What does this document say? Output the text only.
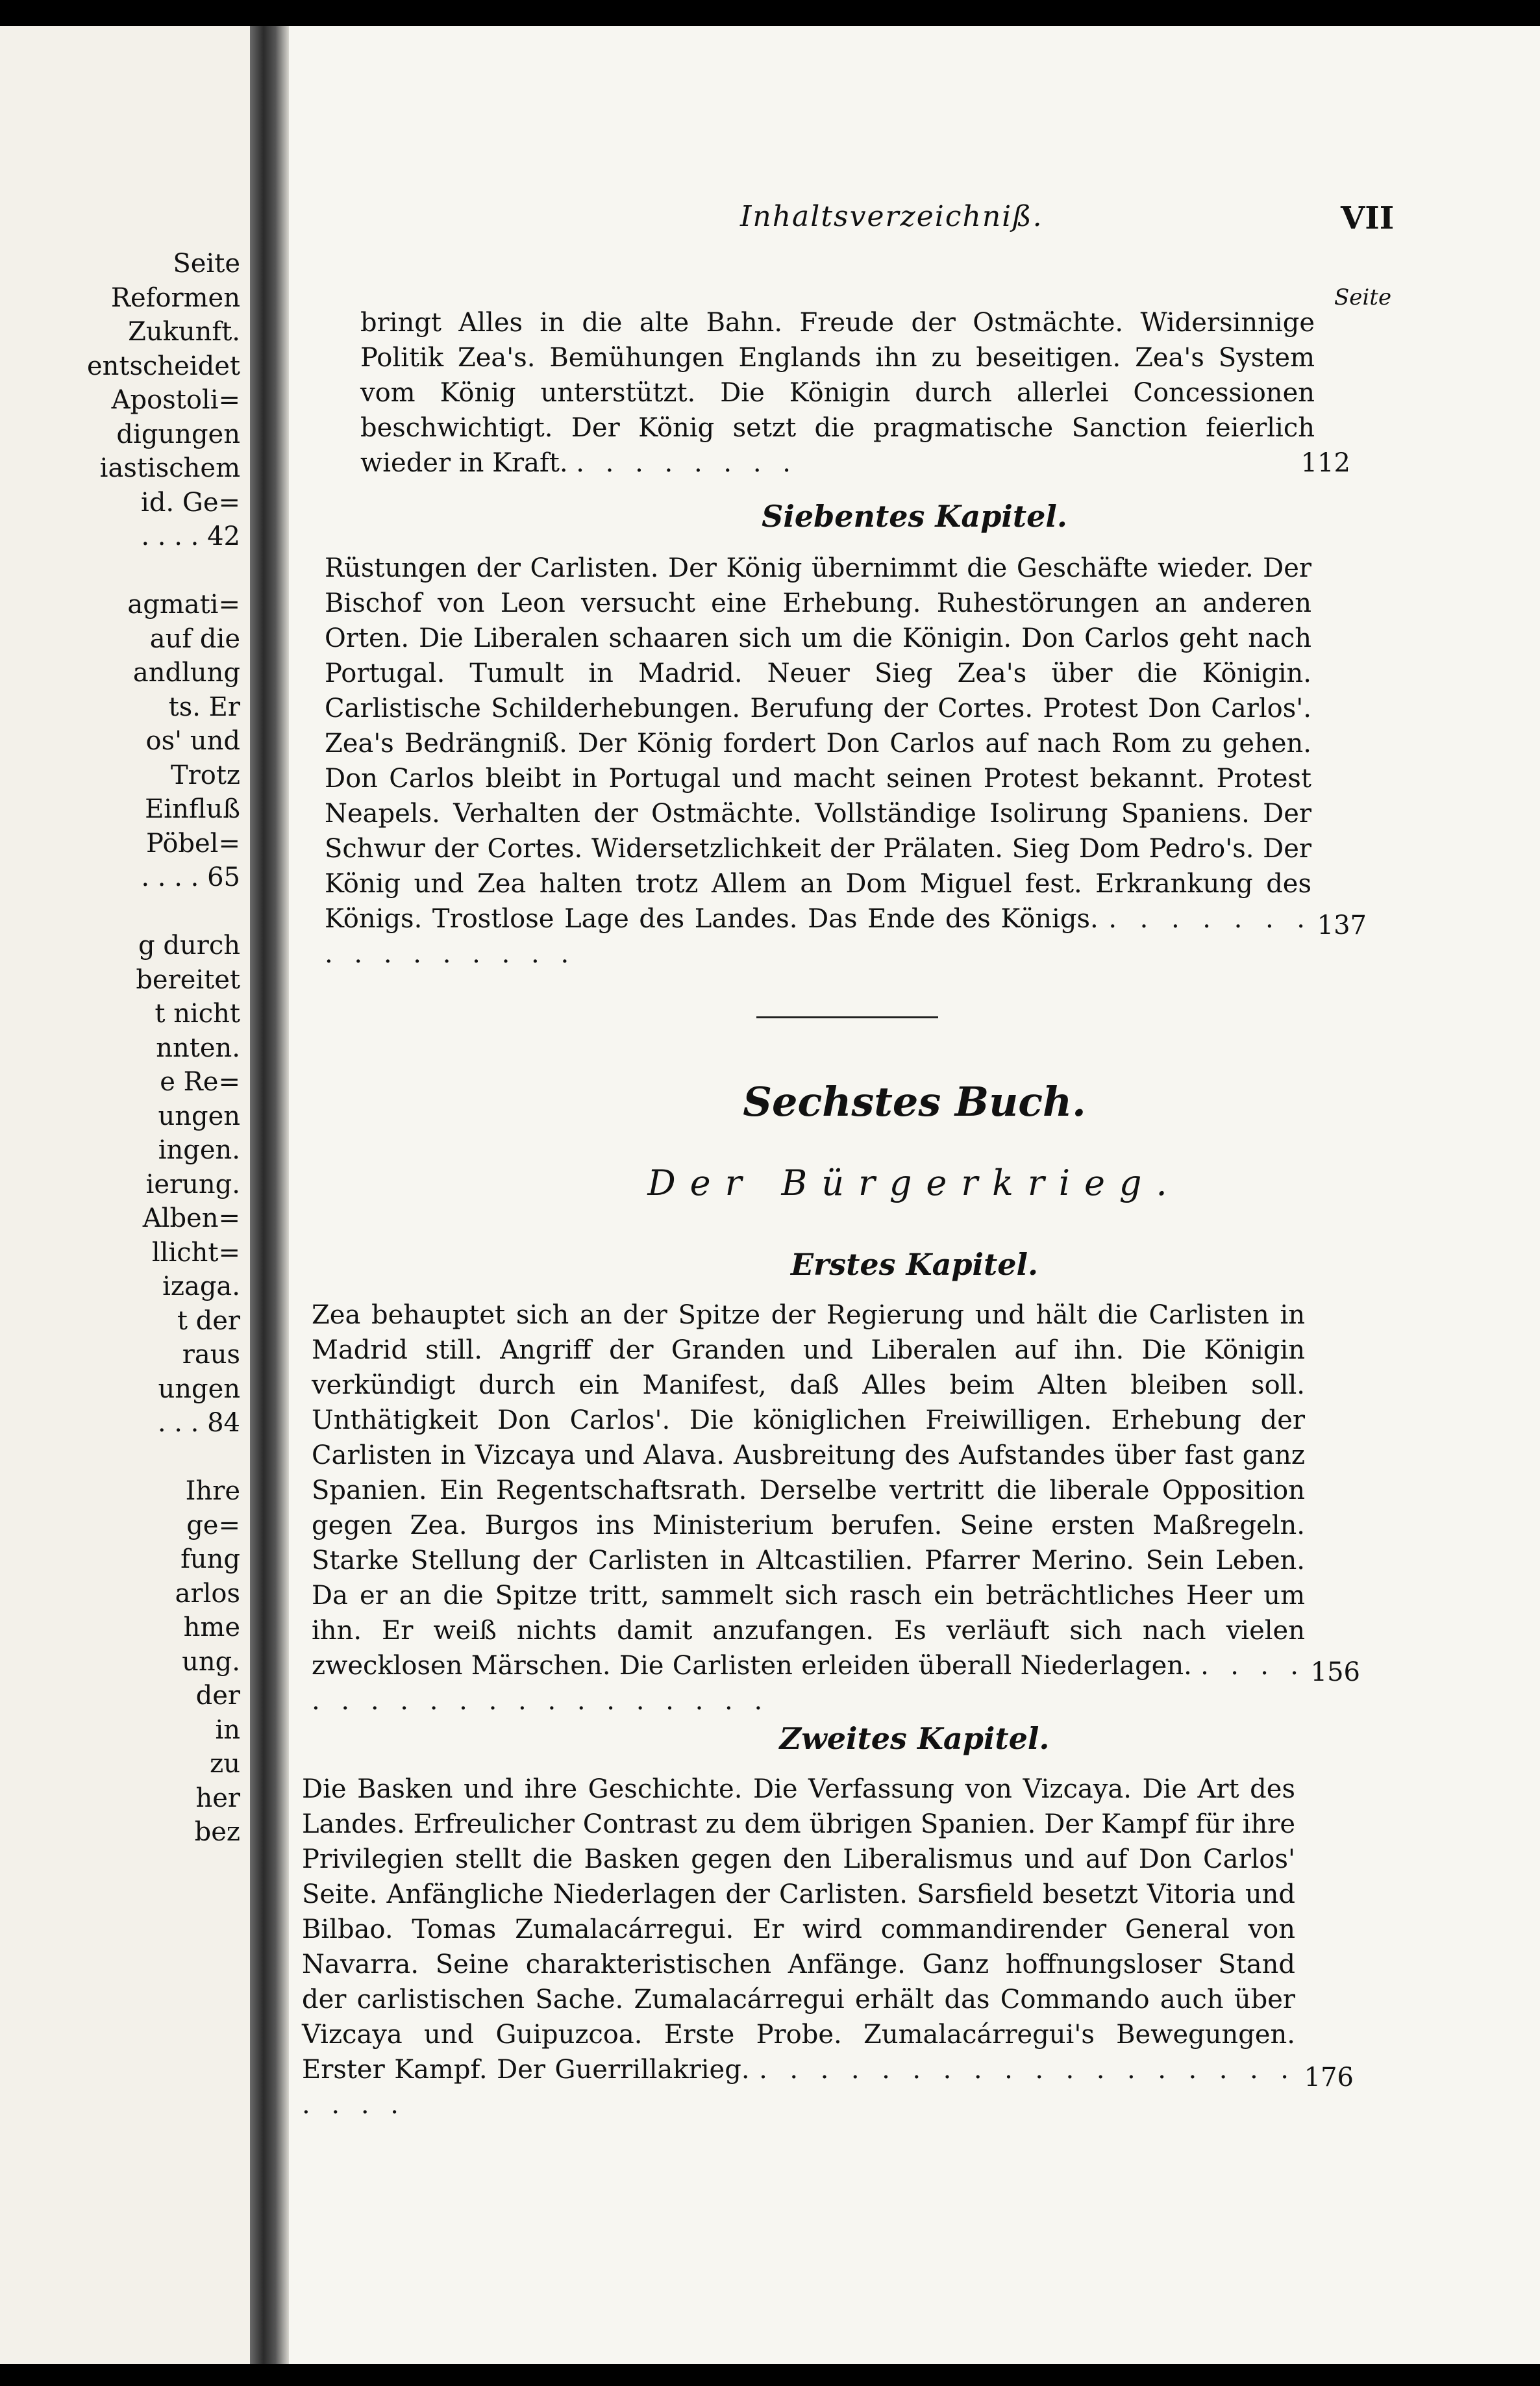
Seite
Reformen
Zukunft.
entscheidet
Apostoli=
digungen
iastischem
id. Ge=
. . . . 42
agmati=
auf die
andlung
ts. Er
os' und
Trotz
Einfluß
Pöbel=
. . . . 65
g durch
bereitet
t nicht
nnten.
e Re=
ungen
ingen.
ierung.
Alben=
llicht=
izaga.
t der
raus
ungen
. . . 84
Ihre
ge=
fung
arlos
hme
ung.
der
in
zu
her
bez
Inhaltsverzeichniß.	VII
Seite
bringt Alles in die alte Bahn. Freude der Ostmächte. Widersinnige Politik Zea's. Bemühungen Englands ihn zu beseitigen. Zea's System vom König unterstützt. Die Königin durch allerlei Concessionen beschwichtigt. Der König setzt die pragmatische Sanction feierlich wieder in Kraft. . . . . . . . .	112
Siebentes Kapitel.
Rüstungen der Carlisten. Der König übernimmt die Geschäfte wieder. Der Bischof von Leon versucht eine Erhebung. Ruhestörungen an anderen Orten. Die Liberalen schaaren sich um die Königin. Don Carlos geht nach Portugal. Tumult in Madrid. Neuer Sieg Zea's über die Königin. Carlistische Schilderhebungen. Berufung der Cortes. Protest Don Carlos'. Zea's Bedrängniß. Der König fordert Don Carlos auf nach Rom zu gehen. Don Carlos bleibt in Portugal und macht seinen Protest bekannt. Protest Neapels. Verhalten der Ostmächte. Vollständige Isolirung Spaniens. Der Schwur der Cortes. Widersetzlichkeit der Prälaten. Sieg Dom Pedro's. Der König und Zea halten trotz Allem an Dom Miguel fest. Erkrankung des Königs. Trostlose Lage des Landes. Das Ende des Königs. . . . . . . . . . . . . . . . .
137
Sechstes Buch.
Der Bürgerkrieg.
Erstes Kapitel.
Zea behauptet sich an der Spitze der Regierung und hält die Carlisten in Madrid still. Angriff der Granden und Liberalen auf ihn. Die Königin verkündigt durch ein Manifest, daß Alles beim Alten bleiben soll. Unthätigkeit Don Carlos'. Die königlichen Freiwilligen. Erhebung der Carlisten in Vizcaya und Alava. Ausbreitung des Aufstandes über fast ganz Spanien. Ein Regentschaftsrath. Derselbe vertritt die liberale Opposition gegen Zea. Burgos ins Ministerium berufen. Seine ersten Maßregeln. Starke Stellung der Carlisten in Altcastilien. Pfarrer Merino. Sein Leben. Da er an die Spitze tritt, sammelt sich rasch ein beträchtliches Heer um ihn. Er weiß nichts damit anzufangen. Es verläuft sich nach vielen zwecklosen Märschen. Die Carlisten erleiden überall Niederlagen. . . . . . . . . . . . . . . . . . . . .
156
Zweites Kapitel.
Die Basken und ihre Geschichte. Die Verfassung von Vizcaya. Die Art des Landes. Erfreulicher Contrast zu dem übrigen Spanien. Der Kampf für ihre Privilegien stellt die Basken gegen den Liberalismus und auf Don Carlos' Seite. Anfängliche Niederlagen der Carlisten. Sarsfield besetzt Vitoria und Bilbao. Tomas Zumalacárregui. Er wird commandirender General von Navarra. Seine charakteristischen Anfänge. Ganz hoffnungsloser Stand der carlistischen Sache. Zumalacárregui erhält das Commando auch über Vizcaya und Guipuzcoa. Erste Probe. Zumalacárregui's Bewegungen. Erster Kampf. Der Guerrillakrieg. . . . . . . . . . . . . . . . . . . . . . .
176
